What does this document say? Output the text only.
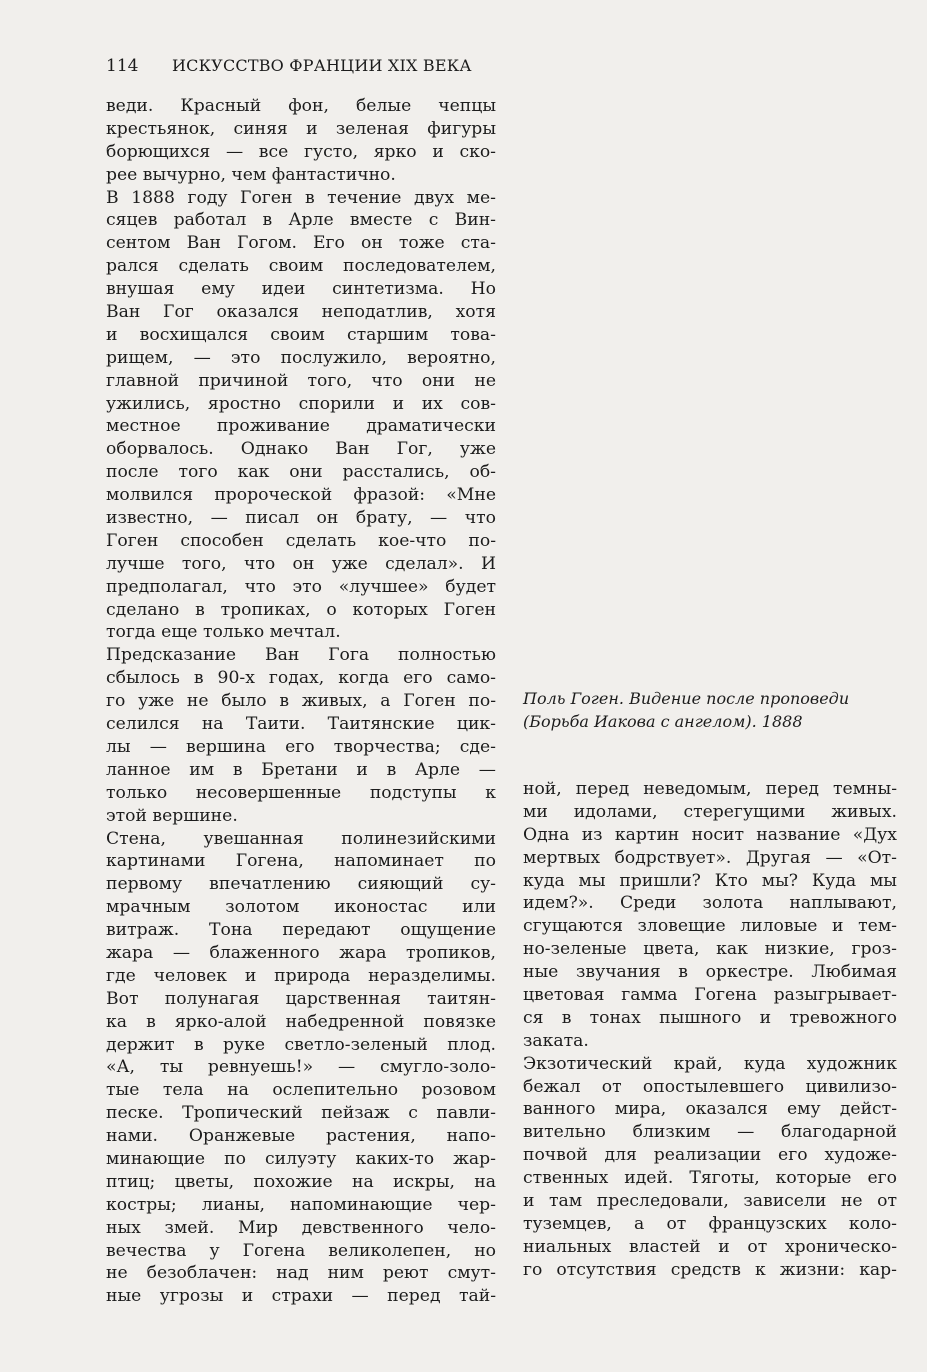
114 ИСКУССТВО ФРАНЦИИ XIX ВЕКА
веди. Красный фон, белые чепцы
крестьянок, синяя и зеленая фигуры
борющихся — все густо, ярко и ско-
рее вычурно, чем фантастично.
В 1888 году Гоген в течение двух ме-
сяцев работал в Арле вместе с Вин-
сентом Ван Гогом. Его он тоже ста-
рался сделать своим последователем,
внушая ему идеи синтетизма. Но
Ван Гог оказался неподатлив, хотя
и восхищался своим старшим това-
рищем, — это послужило, вероятно,
главной причиной того, что они не
ужились, яростно спорили и их сов-
местное проживание драматически
оборвалось. Однако Ван Гог, уже
после того как они расстались, об-
молвился пророческой фразой: «Мне
известно, — писал он брату, — что
Гоген способен сделать кое-что по-
лучше того, что он уже сделал». И
предполагал, что это «лучшее» будет
сделано в тропиках, о которых Гоген
тогда еще только мечтал.
Предсказание Ван Гога полностью
сбылось в 90-х годах, когда его само-
го уже не было в живых, а Гоген по-
селился на Таити. Таитянские цик-
лы — вершина его творчества; сде-
ланное им в Бретани и в Арле —
только несовершенные подступы к
этой вершине.
Стена, увешанная полинезийскими
картинами Гогена, напоминает по
первому впечатлению сияющий су-
мрачным золотом иконостас или
витраж. Тона передают ощущение
жара — блаженного жара тропиков,
где человек и природа неразделимы.
Вот полунагая царственная таитян-
ка в ярко-алой набедренной повязке
держит в руке светло-зеленый плод.
«А, ты ревнуешь!» — смугло-золо-
тые тела на ослепительно розовом
песке. Тропический пейзаж с павли-
нами. Оранжевые растения, напо-
минающие по силуэту каких-то жар-
птиц; цветы, похожие на искры, на
костры; лианы, напоминающие чер-
ных змей. Мир девственного чело-
вечества у Гогена великолепен, но
не безоблачен: над ним реют смут-
ные угрозы и страхи — перед тай-
Поль Гоген. Видение после проповеди
(Борьба Иакова с ангелом). 1888
ной, перед неведомым, перед темны-
ми идолами, стерегущими живых.
Одна из картин носит название «Дух
мертвых бодрствует». Другая — «От-
куда мы пришли? Кто мы? Куда мы
идем?». Среди золота наплывают,
сгущаются зловещие лиловые и тем-
но-зеленые цвета, как низкие, гроз-
ные звучания в оркестре. Любимая
цветовая гамма Гогена разыгрывает-
ся в тонах пышного и тревожного
заката.
Экзотический край, куда художник
бежал от опостылевшего цивилизо-
ванного мира, оказался ему дейст-
вительно близким — благодарной
почвой для реализации его художе-
ственных идей. Тяготы, которые его
и там преследовали, зависели не от
туземцев, а от французских коло-
ниальных властей и от хроническо-
го отсутствия средств к жизни: кар-
